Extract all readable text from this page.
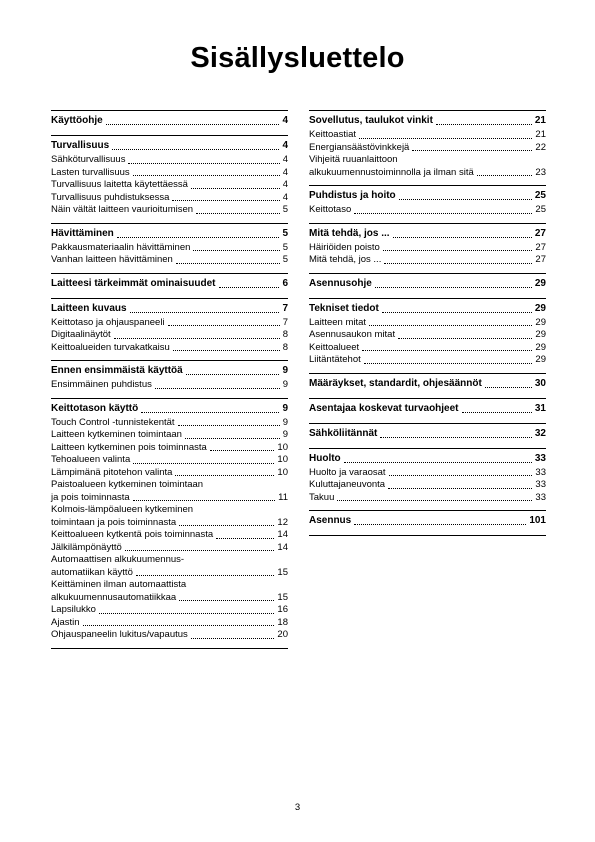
Sisällysluettelo
Käyttöohje	4
Turvallisuus	4
Sähköturvallisuus	4
Lasten turvallisuus	4
Turvallisuus laitetta käytettäessä	4
Turvallisuus puhdistuksessa	4
Näin vältät laitteen vaurioitumisen	5
Hävittäminen	5
Pakkausmateriaalin hävittäminen	5
Vanhan laitteen hävittäminen	5
Laitteesi tärkeimmät ominaisuudet	6
Laitteen kuvaus	7
Keittotaso ja ohjauspaneeli	7
Digitaalinäytöt	8
Keittoalueiden turvakatkaisu	8
Ennen ensimmäistä käyttöä	9
Ensimmäinen puhdistus	9
Keittotason käyttö	9
Touch Control -tunnistekentät	9
Laitteen kytkeminen toimintaan	9
Laitteen kytkeminen pois toiminnasta	10
Tehoalueen valinta	10
Lämpimänä pitotehon valinta	10
Paistoalueen kytkeminen toimintaan
ja pois toiminnasta	11
Kolmois-lämpöalueen kytkeminen
toimintaan ja pois toiminnasta	12
Keittoalueen kytkentä pois toiminnasta	14
Jälkilämpönäyttö	14
Automaattisen alkukuumennus-
automatiikan käyttö	15
Keittäminen ilman automaattista
alkukuumennusautomatiikkaa	15
Lapsilukko	16
Ajastin	18
Ohjauspaneelin lukitus/vapautus	20
Sovellutus, taulukot vinkit	21
Keittoastiat	21
Energiansäästövinkkejä	22
Vihjeitä ruuanlaittoon
alkukuumennustoiminnolla ja ilman sitä	23
Puhdistus ja hoito	25
Keittotaso	25
Mitä tehdä, jos ...	27
Häiriöiden poisto	27
Mitä tehdä, jos ...	27
Asennusohje	29
Tekniset tiedot	29
Laitteen mitat	29
Asennusaukon mitat	29
Keittoalueet	29
Liitäntätehot	29
Määräykset, standardit, ohjesäännöt	30
Asentajaa koskevat turvaohjeet	31
Sähköliitännät	32
Huolto	33
Huolto ja varaosat	33
Kuluttajaneuvonta	33
Takuu	33
Asennus	101
3
